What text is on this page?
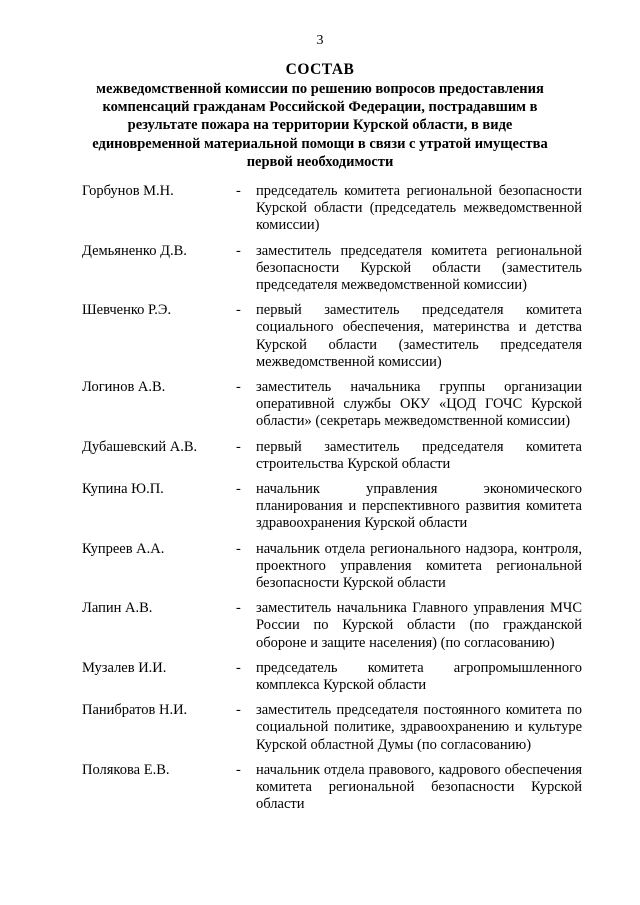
3
СОСТАВ
межведомственной комиссии по решению вопросов предоставления компенсаций гражданам Российской Федерации, пострадавшим в результате пожара на территории Курской области, в виде единовременной материальной помощи в связи с утратой имущества первой необходимости
Горбунов М.Н.	-	председатель комитета региональной безопасности Курской области (председатель межведомственной комиссии)
Демьяненко Д.В.	-	заместитель председателя комитета региональной безопасности Курской области (заместитель председателя межведомственной комиссии)
Шевченко Р.Э.	-	первый заместитель председателя комитета социального обеспечения, материнства и детства Курской области (заместитель председателя межведомственной комиссии)
Логинов А.В.	-	заместитель начальника группы организации оперативной службы ОКУ «ЦОД ГОЧС Курской области» (секретарь межведомственной комиссии)
Дубашевский А.В.	-	первый заместитель председателя комитета строительства Курской области
Купина Ю.П.	-	начальник управления экономического планирования и перспективного развития комитета здравоохранения Курской области
Купреев А.А.	-	начальник отдела регионального надзора, контроля, проектного управления комитета региональной безопасности Курской области
Лапин А.В.	-	заместитель начальника Главного управления МЧС России по Курской области (по гражданской обороне и защите населения) (по согласованию)
Музалев И.И.	-	председатель комитета агропромышленного комплекса Курской области
Панибратов Н.И.	-	заместитель председателя постоянного комитета по социальной политике, здравоохранению и культуре Курской областной Думы (по согласованию)
Полякова Е.В.	-	начальник отдела правового, кадрового обеспечения комитета региональной безопасности Курской области
